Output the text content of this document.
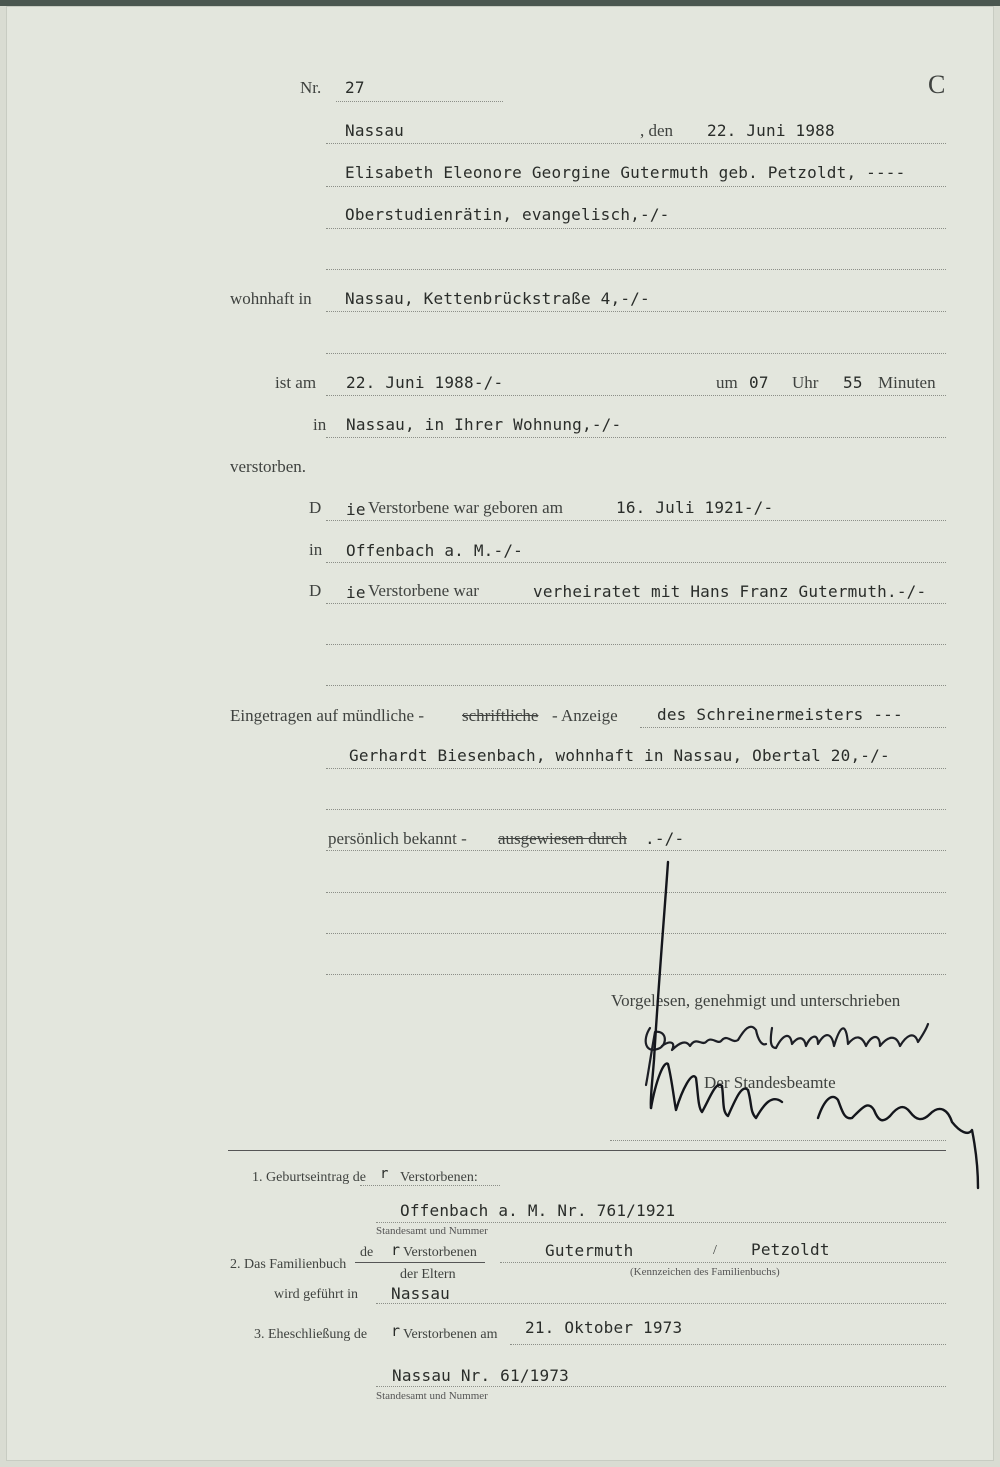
Nr. 27	C
Nassau	, den 22. Juni 1988
Elisabeth Eleonore Georgine Gutermuth geb. Petzoldt, ----
Oberstudienrätin, evangelisch,-/-
wohnhaft in Nassau, Kettenbrückstraße 4,-/-
ist am 22. Juni 1988-/-	um 07 Uhr 55 Minuten
in Nassau, in Ihrer Wohnung,-/-
verstorben.
D ie Verstorbene war geboren am	16. Juli 1921-/-
in Offenbach a. M.-/-
D ie Verstorbene war	verheiratet mit Hans Franz Gutermuth.-/-
Eingetragen auf mündliche - schriftliche - Anzeige des Schreinermeisters ---
Gerhardt Biesenbach, wohnhaft in Nassau, Obertal 20,-/-
persönlich bekannt - ausgewiesen durch .-/-
Vorgelesen, genehmigt und unterschrieben
Der Standesbeamte
1. Geburtseintrag de r Verstorbenen:
Offenbach a. M. Nr. 761/1921
Standesamt und Nummer
2. Das Familienbuch
de r Verstorbenen
der Eltern
Gutermuth	/ Petzoldt
(Kennzeichen des Familienbuchs)
wird geführt in Nassau
3. Eheschließung de r Verstorbenen am 21. Oktober 1973
Nassau Nr. 61/1973
Standesamt und Nummer
